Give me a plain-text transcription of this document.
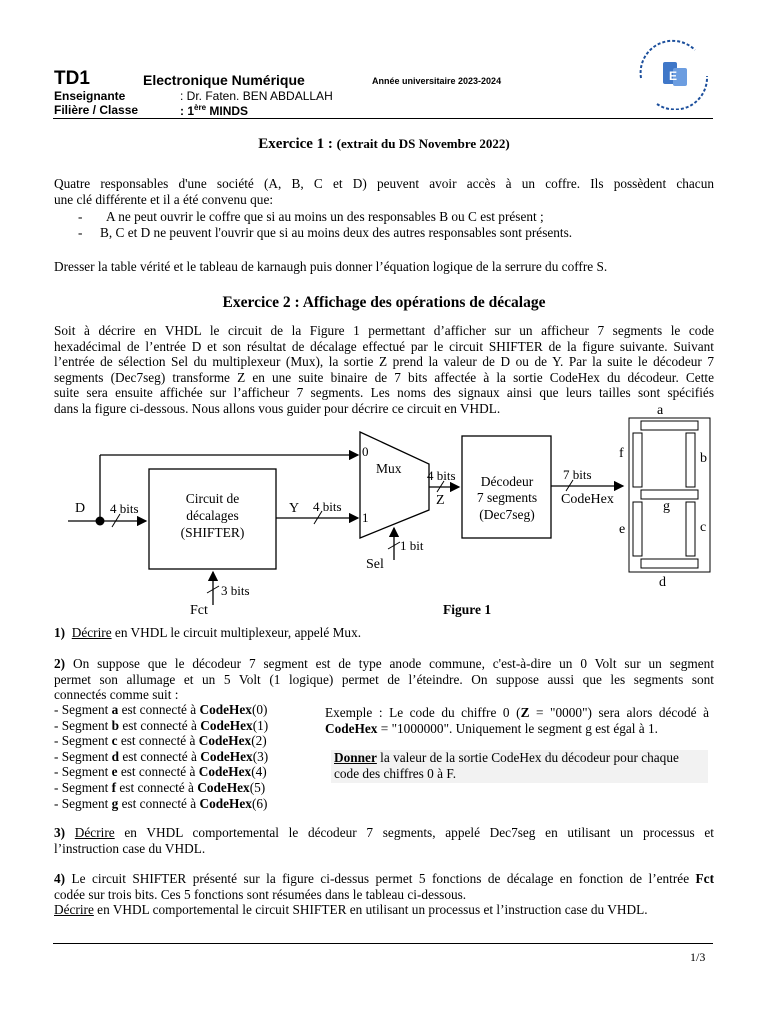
TD1	Electronique Numérique	Année universitaire 2023-2024
Enseignante	: Dr. Faten. BEN ABDALLAH
Filière / Classe	: 1ère MINDS
E
Exercice 1 : (extrait du DS Novembre 2022)
Quatre responsables d'une société (A, B, C et D) peuvent avoir accès à un coffre. Ils possèdent chacun
une clé différente et il a été convenu que:
- A ne peut ouvrir le coffre que si au moins un des responsables B ou C est présent ;
- B, C et D ne peuvent l'ouvrir que si au moins deux des autres responsables sont présents.
Dresser la table vérité et le tableau de karnaugh puis donner l’équation logique de la serrure du coffre S.
Exercice 2 : Affichage des opérations de décalage
Soit à décrire en VHDL le circuit de la Figure 1 permettant d’afficher sur un afficheur 7 segments le code
hexadécimal de l’entrée D et son résultat de décalage effectué par le circuit SHIFTER de la figure suivante. Suivant
l’entrée de sélection Sel du multiplexeur (Mux), la sortie Z prend la valeur de D ou de Y. Par la suite le décodeur 7
segments (Dec7seg) transforme Z en une suite binaire de 7 bits affectée à la sortie CodeHex du décodeur. Cette
suite sera ensuite affichée sur l’afficheur 7 segments. Les noms des signaux ainsi que leurs tailles sont spécifiés
dans la figure ci-dessous. Nous allons vous guider pour décrire ce circuit en VHDL.
D 4 bits
Circuit de
décalages
(SHIFTER)
Y 4 bits
Fct
3 bits
0
1
Mux
Sel
1 bit
4 bits
Z
Décodeur
7 segments
(Dec7seg)
7 bits
CodeHex
a
b
c
d
e
f
g
Figure 1
1) Décrire en VHDL le circuit multiplexeur, appelé Mux.
2) On suppose que le décodeur 7 segment est de type anode commune, c'est-à-dire un 0 Volt sur un segment
permet son allumage et un 5 Volt (1 logique) permet de l’éteindre. On suppose aussi que les segments sont
connectés comme suit :
- Segment a est connecté à CodeHex(0)
- Segment b est connecté à CodeHex(1)
- Segment c est connecté à CodeHex(2)
- Segment d est connecté à CodeHex(3)
- Segment e est connecté à CodeHex(4)
- Segment f est connecté à CodeHex(5)
- Segment g est connecté à CodeHex(6)
Exemple : Le code du chiffre 0 (Z = "0000") sera alors décodé à
CodeHex = "1000000". Uniquement le segment g est égal à 1.
Donner la valeur de la sortie CodeHex du décodeur pour chaque
code des chiffres 0 à F.
3) Décrire en VHDL comportemental le décodeur 7 segments, appelé Dec7seg en utilisant un processus et
l’instruction case du VHDL.
4) Le circuit SHIFTER présenté sur la figure ci-dessus permet 5 fonctions de décalage en fonction de l’entrée Fct
codée sur trois bits. Ces 5 fonctions sont résumées dans le tableau ci-dessous.
Décrire en VHDL comportemental le circuit SHIFTER en utilisant un processus et l’instruction case du VHDL.
1/3
